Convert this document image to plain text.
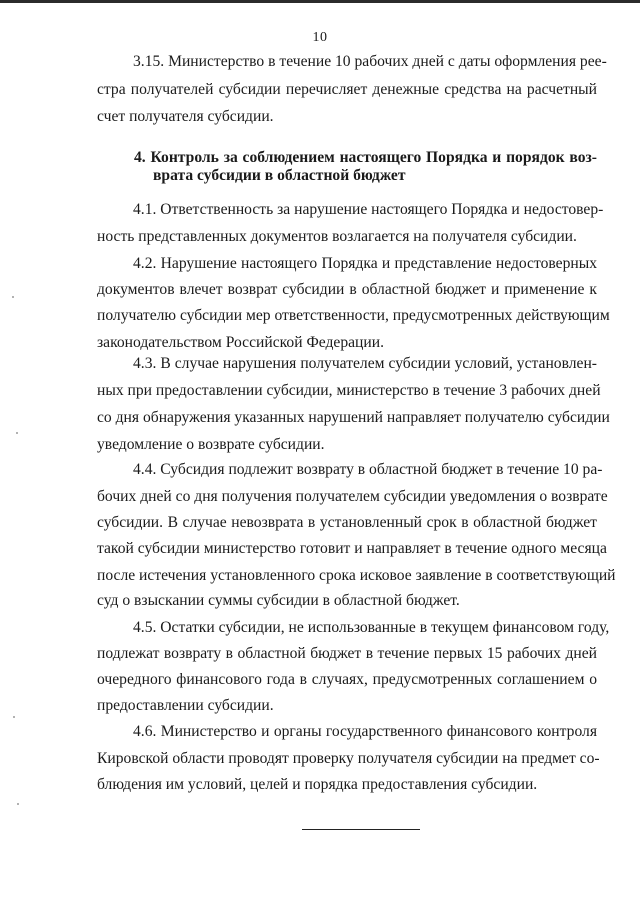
10
3.15. Министерство в течение 10 рабочих дней с даты оформления рее-
стра получателей субсидии перечисляет денежные средства на расчетный
счет получателя субсидии.
4. Контроль за соблюдением настоящего Порядка и порядок воз-
врата субсидии в областной бюджет
4.1. Ответственность за нарушение настоящего Порядка и недостовер-
ность представленных документов возлагается на получателя субсидии.
4.2. Нарушение настоящего Порядка и представление недостоверных
документов влечет возврат субсидии в областной бюджет и применение к
получателю субсидии мер ответственности, предусмотренных действующим
законодательством Российской Федерации.
4.3. В случае нарушения получателем субсидии условий, установлен-
ных при предоставлении субсидии, министерство в течение 3 рабочих дней
со дня обнаружения указанных нарушений направляет получателю субсидии
уведомление о возврате субсидии.
4.4. Субсидия подлежит возврату в областной бюджет в течение 10 ра-
бочих дней со дня получения получателем субсидии уведомления о возврате
субсидии. В случае невозврата в установленный срок в областной бюджет
такой субсидии министерство готовит и направляет в течение одного месяца
после истечения установленного срока исковое заявление в соответствующий
суд о взыскании суммы субсидии в областной бюджет.
4.5. Остатки субсидии, не использованные в текущем финансовом году,
подлежат возврату в областной бюджет в течение первых 15 рабочих дней
очередного финансового года в случаях, предусмотренных соглашением о
предоставлении субсидии.
4.6. Министерство и органы государственного финансового контроля
Кировской области проводят проверку получателя субсидии на предмет со-
блюдения им условий, целей и порядка предоставления субсидии.
